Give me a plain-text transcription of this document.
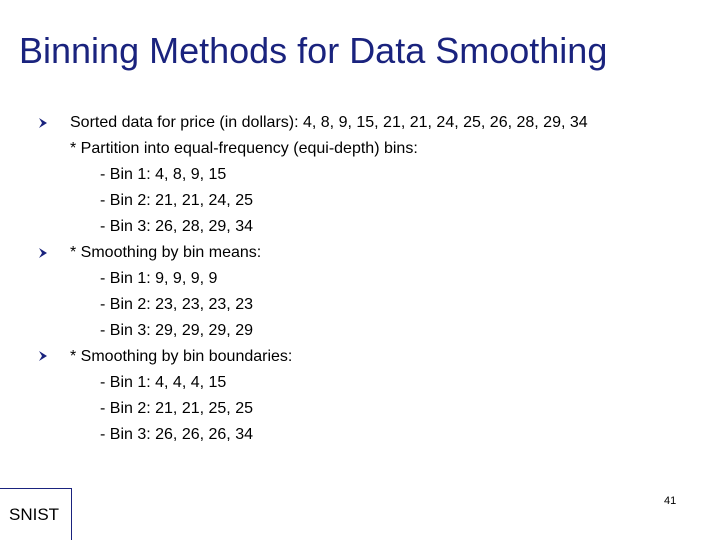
Binning Methods for Data Smoothing
Sorted data for price (in dollars): 4, 8, 9, 15, 21, 21, 24, 25, 26, 28, 29, 34
* Partition into equal-frequency (equi-depth) bins:
- Bin 1: 4, 8, 9, 15
- Bin 2: 21, 21, 24, 25
- Bin 3: 26, 28, 29, 34
* Smoothing by bin means:
- Bin 1: 9, 9, 9, 9
- Bin 2: 23, 23, 23, 23
- Bin 3: 29, 29, 29, 29
* Smoothing by bin boundaries:
- Bin 1: 4, 4, 4, 15
- Bin 2: 21, 21, 25, 25
- Bin 3: 26, 26, 26, 34
41
SNIST
